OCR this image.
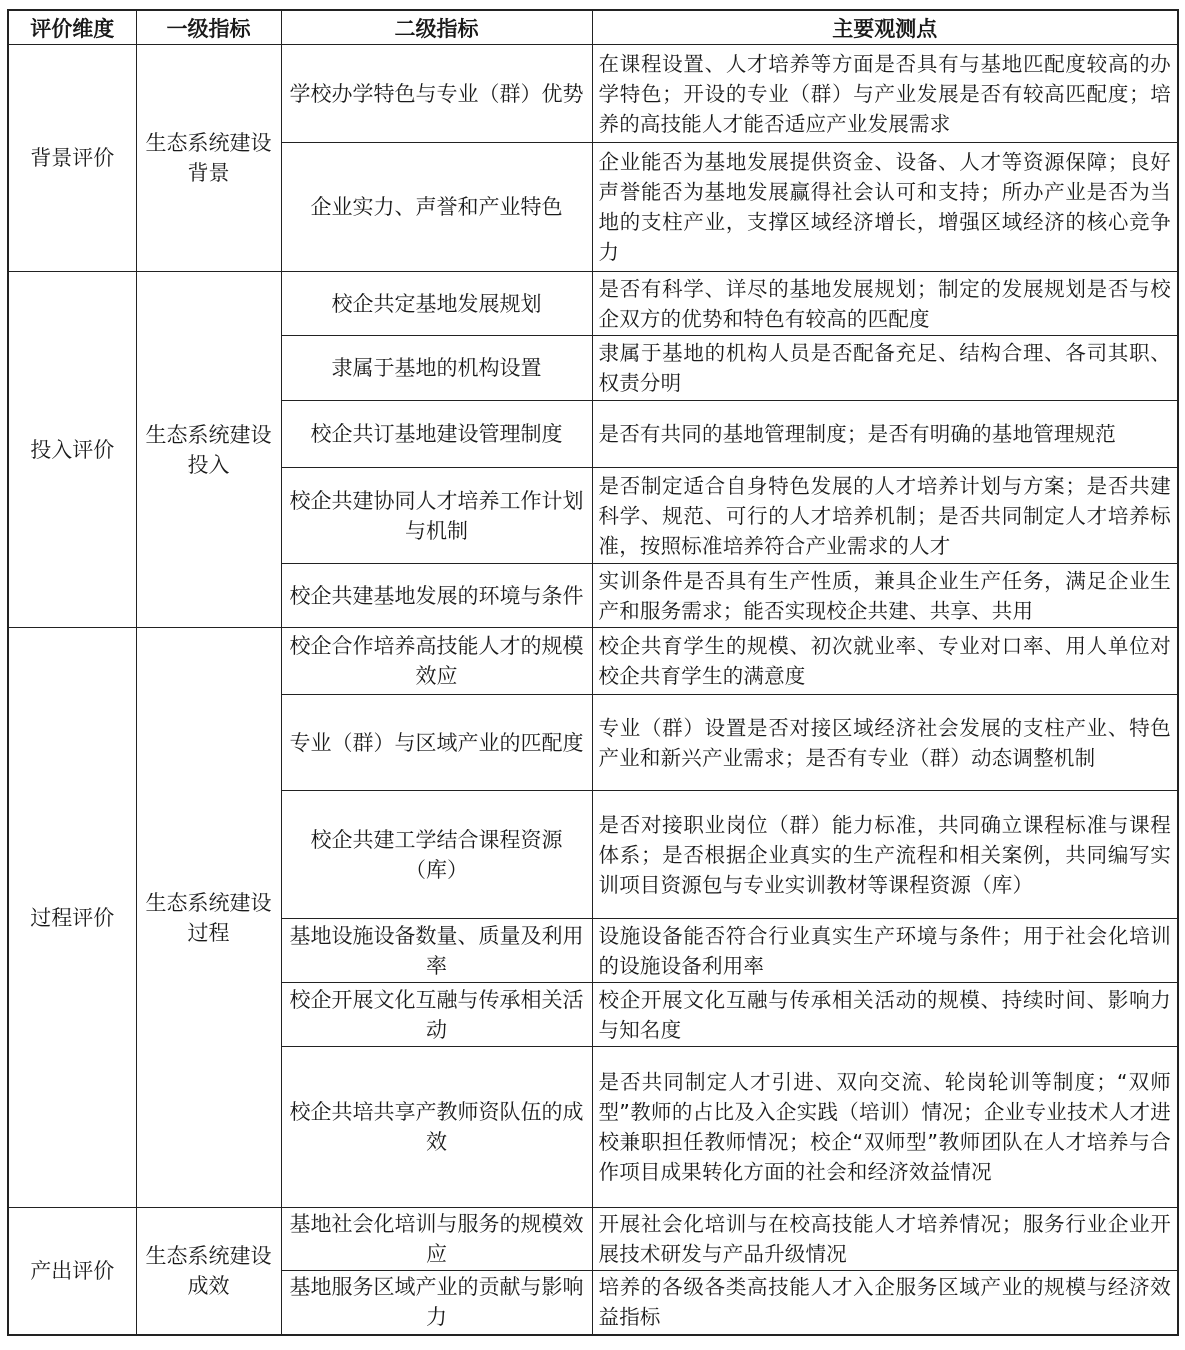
评价维度	一级指标	二级指标	主要观测点
背景评价	生态系统建设背景	学校办学特色与专业（群）优势	在课程设置、人才培养等方面是否具有与基地匹配度较高的办学特色；开设的专业（群）与产业发展是否有较高匹配度；培养的高技能人才能否适应产业发展需求
		企业实力、声誉和产业特色	企业能否为基地发展提供资金、设备、人才等资源保障；良好声誉能否为基地发展赢得社会认可和支持；所办产业是否为当地的支柱产业，支撑区域经济增长，增强区域经济的核心竞争力
投入评价	生态系统建设投入	校企共定基地发展规划	是否有科学、详尽的基地发展规划；制定的发展规划是否与校企双方的优势和特色有较高的匹配度
		隶属于基地的机构设置	隶属于基地的机构人员是否配备充足、结构合理、各司其职、权责分明
		校企共订基地建设管理制度	是否有共同的基地管理制度；是否有明确的基地管理规范
		校企共建协同人才培养工作计划与机制	是否制定适合自身特色发展的人才培养计划与方案；是否共建科学、规范、可行的人才培养机制；是否共同制定人才培养标准，按照标准培养符合产业需求的人才
		校企共建基地发展的环境与条件	实训条件是否具有生产性质，兼具企业生产任务，满足企业生产和服务需求；能否实现校企共建、共享、共用
过程评价	生态系统建设过程	校企合作培养高技能人才的规模效应	校企共育学生的规模、初次就业率、专业对口率、用人单位对校企共育学生的满意度
		专业（群）与区域产业的匹配度	专业（群）设置是否对接区域经济社会发展的支柱产业、特色产业和新兴产业需求；是否有专业（群）动态调整机制
		校企共建工学结合课程资源（库）	是否对接职业岗位（群）能力标准，共同确立课程标准与课程体系；是否根据企业真实的生产流程和相关案例，共同编写实训项目资源包与专业实训教材等课程资源（库）
		基地设施设备数量、质量及利用率	设施设备能否符合行业真实生产环境与条件；用于社会化培训的设施设备利用率
		校企开展文化互融与传承相关活动	校企开展文化互融与传承相关活动的规模、持续时间、影响力与知名度
		校企共培共享产教师资队伍的成效	是否共同制定人才引进、双向交流、轮岗轮训等制度；“双师型”教师的占比及入企实践（培训）情况；企业专业技术人才进校兼职担任教师情况；校企“双师型”教师团队在人才培养与合作项目成果转化方面的社会和经济效益情况
产出评价	生态系统建设成效	基地社会化培训与服务的规模效应	开展社会化培训与在校高技能人才培养情况；服务行业企业开展技术研发与产品升级情况
		基地服务区域产业的贡献与影响力	培养的各级各类高技能人才入企服务区域产业的规模与经济效益指标
